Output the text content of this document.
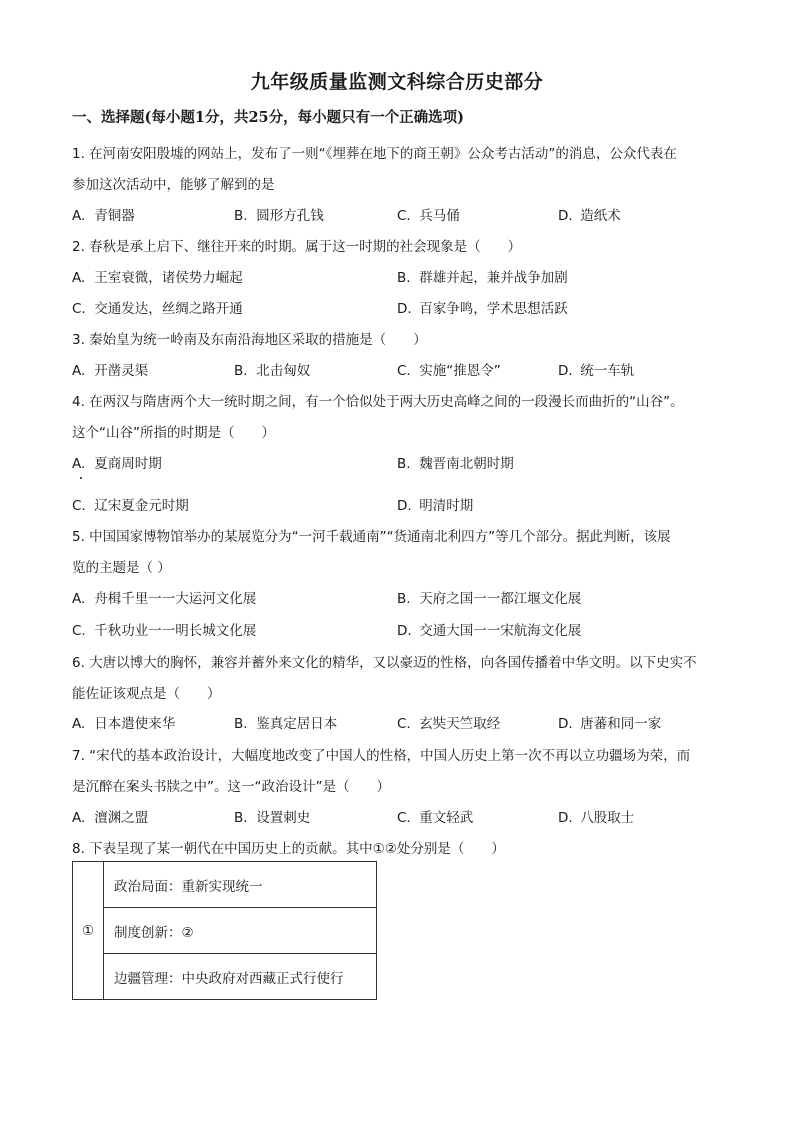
九年级质量监测文科综合历史部分
一、选择题(每小题1分，共25分，每小题只有一个正确选项)
1. 在河南安阳殷墟的网站上，发布了一则“《埋葬在地下的商王朝》公众考古活动”的消息，公众代表在
参加这次活动中，能够了解到的是
A. 青铜器	B. 圆形方孔钱	C. 兵马俑	D. 造纸术
2. 春秋是承上启下、继往开来的时期。属于这一时期的社会现象是（　　）
A. 王室衰微，诸侯势力崛起	B. 群雄并起，兼并战争加剧
C. 交通发达，丝绸之路开通	D. 百家争鸣，学术思想活跃
3. 秦始皇为统一岭南及东南沿海地区采取的措施是（　　）
A. 开凿灵渠	B. 北击匈奴	C. 实施“推恩令”	D. 统一车轨
4. 在两汉与隋唐两个大一统时期之间，有一个恰似处于两大历史高峰之间的一段漫长而曲折的“山谷”。
这个“山谷”所指的时期是（　　）
A. 夏商周时期	B. 魏晋南北朝时期
C. 辽宋夏金元时期	D. 明清时期
5. 中国国家博物馆举办的某展览分为“一河千载通南”“货通南北利四方”等几个部分。据此判断，该展
览的主题是（ ）
A. 舟楫千里一一大运河文化展	B. 天府之国一一都江堰文化展
C. 千秋功业一一明长城文化展	D. 交通大国一一宋航海文化展
6. 大唐以博大的胸怀，兼容并蓄外来文化的精华，又以豪迈的性格，向各国传播着中华文明。以下史实不
能佐证该观点是（　　）
A. 日本遣使来华	B. 鉴真定居日本	C. 玄奘天竺取经	D. 唐蕃和同一家
7. “宋代的基本政治设计，大幅度地改变了中国人的性格，中国人历史上第一次不再以立功疆场为荣，而
是沉醉在案头书牍之中”。这一“政治设计”是（　　）
A. 澶渊之盟	B. 设置刺史	C. 重文轻武	D. 八股取士
8. 下表呈现了某一朝代在中国历史上的贡献。其中①②处分别是（　　）
①	政治局面：重新实现统一
制度创新：②
边疆管理：中央政府对西藏正式行使行
